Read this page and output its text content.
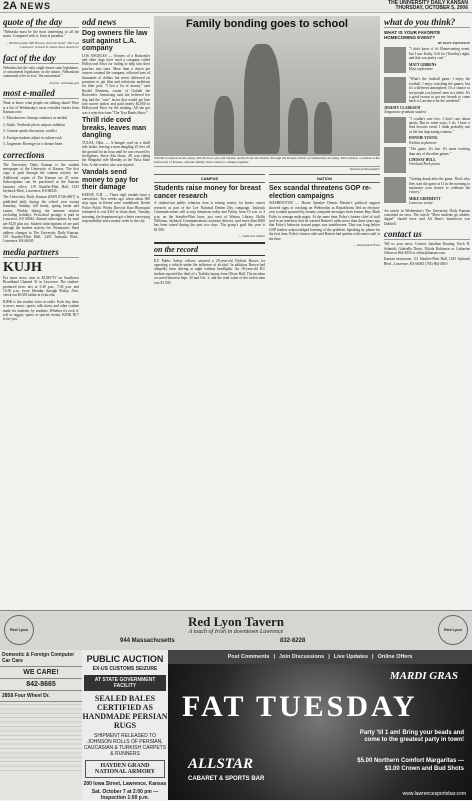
2A NEWS	THE UNIVERSITY DAILY KANSAN
THURSDAY, OCTOBER 5, 2006
quote of the day

"Nebraska must be the most interesting of all the states. Compared with it, Iowa is paradise."

— British author Bill Bryson, from his book "The Lost Continent: Travels in Small-Town America"

fact of the day

Nebraska has the only single-house state legislature, or unicameral legislature, in the nation. Nebraskans commonly refer to it as "the unicameral."

Source: nebraska.gov

most e-mailed

Want to know what people are talking about? Here is a list of Wednesday's most e-mailed stories from Kansan.com:

1. Microbrewer cleanup continues as needed

2. Study: Textbook prices outpace inflation

3. Cartoon sparks discussion, conflict

4. Foreign students adjust to culture rush

5. Jurgensen: Revenge for a cheater heart

corrections

The University Daily Kansan is the student newspaper of the University of Kansas. The first copy is paid through the student activity fee. Additional copies of The Kansan are 25 cents. Subscriptions can be purchased at the Kansan business office, 119 Stauffer-Flint Hall, 1435 Jayhawk Blvd., Lawrence, KS 66045.

The University Daily Kansan (ISSN 0746-4967) is published daily during the school year except Saturday, Sunday, fall break, spring break and exams. Weekly during the summer session excluding holidays. Periodical postage is paid in Lawrence, KS 66044. Annual subscriptions by mail are $120 plus tax. Student subscriptions of are paid through the student activity fee. Postmaster: Send address changes to The University Daily Kansan, 119 Stauffer-Flint Hall, 1435 Jayhawk Blvd., Lawrence, KS 66045.

media partners
KUJH

For more news, turn to KUJH-TV on Sunflower Broadband Channel 31 in Lawrence. The student-produced news airs at 5:30 p.m., 7:30 p.m. and 10:30 p.m. every Monday through Friday. Also, check out KUJH online at tv.ku.edu.

KJHK is the student voice in radio. Each day there is news, music, sports, talk shows and other content made for students, by students. Whether it's rock 'n' roll or reggae, sports or special events, KJHK 90.7 is for you.

odd news
Dog owners file law suit against L.A. company

LOS ANGELES — Owners of a Rottweiler and other dogs have sued a company called Hollywood Paws for failing to help turn their pooches into stars. More than a dozen pet owners contend the company collected tens of thousands of dollars but never delivered on promises to get film and television auditions for their pets. "I lost a lot of money," said Rachel Klemenz, owner of Goliath the Rottweiler. Armstrong said she believed her dog had the "cute" factor that would get him into movie strikes and paid nearly $2,000 to Hollywood Paws for the training. All she got was a rejection from "The Tyra Banks Show."

Thrill ride cord breaks, leaves man dangling

TULSA, Okla. — A bungee cord on a thrill ride broke, leaving a man dangling 25 feet off the ground for an hour until he was rescued by firefighters. Steve Ada Stone, 48, was riding the Slingshot ride Monday at the Tulsa State Fair. A ride worker also was injured.

Vandals send money to pay for their damage

KEENE, N.H. — These vigil vandals have a conscience. Two weeks ago, when about 500 stop signs in Keene were vandalized, Keene Police Public Works Director Kurt Blomquist estimated it cost $110 to clean them. Tuesday morning, the department got a letter conveying responsibility and a money order to the city.

Family bonding goes to school
Tim McCormack strolls along with his four year-old triplets, Ariah, Evan and Daniel, through the Kansas Union on Wednesday morning. McCormack, a student at the University of Kansas, said the family often comes to campus together.
Kansan photographer
CAMPUS
Students raise money for breast cancer research

A student-run public relations firm is raising money for breast cancer research as part of the Lee National Denim Day campaign. Jayhawk Communications will accept donations today and Friday from 10 a.m. to 3 p.m. on the Stauffer-Flint lawn, just west of Watson Library. Hollis Williams, Jayhawk Communications assistant director, said more than $300 has been raised during the past two days. The group's goal this year is $1,500.

— Catherine Odson

on the record

KU Public Safety officers arrested a 20-year-old Nichols Brown for operating a vehicle under the influence of alcohol. In addition, Brown had allegedly been driving at night without headlights. An 18-year-old KU student reported the theft of a Toshiba laptop from Oliver Hall. The incident occurred between Sept. 30 and Oct. 3, and the total value of the stolen item was $1,500.

NATION
Sex scandal threatens GOP re-election campaigns

WASHINGTON — House Speaker Dennis Hastert's political support showed signs of cracking on Wednesday as Republicans fled an election-year scandal spawned by steamy computer messages from former Rep. Mark Foley to teenage male pages. At the same time, Foley's former chief of staff said in an interview that he warned Hastert's aides more than three years ago that Foley's behavior toward pages was troublesome. That was long before GOP leaders acknowledged learning of the problem. Speaking by phone for the first time, Foley's former aide said Hastert had spoken with senior staff at the time.

— Associated Press

what do you think?
WHAT IS YOUR FAVORITE HOMECOMING EVENT?
BY MATT ERICKSON

"I don't know if it's Homecoming event, but I saw Kathy Cell for (Tuesday) night, and that was pretty cool."

MATT GIBBENS
Hays sophomore

"What's the football game. I enjoy the football. I enjoy watching the games, but it's a different atmosphere. It's a chance to see people you haven't seen in a while. It's a good excuse to get my friends to come back to Lawrence for the weekend."

JEREMY CLARKSON
Tonganoxie graduate student

"I couldn't care less. I don't care about sports. But in some ways, I do. I have a lead favorite event. I think probably one of the last dog-eating contests."

DONNIE YOUNG
Wichita sophomore

"The game. It's fun. It's more exciting than any of the other games."

LINDSAY HULL
Overland Park junior

"Getting drunk after the game. That's why they start the game at 11 in the morning to maximize your chance to celebrate the victory."

MIKE GRIMMETT
Lawrence senior

An article in Wednesday's The University Daily Kansan contained an error. The article "Most students go athletic digital" should have said Ali Rene's hometown was Dubbell.

contact us

Tell us your news. Contact Jonathan Keating, Erick R. Schmidt, Gabriella Davis, Nikola Robinson or Catherine Odson at 864-4810 or editor@kansan.com.

Kansan newsroom, 111 Stauffer-Flint Hall, 1435 Jayhawk Blvd., Lawrence, KS 66045 (785) 864-4810

Red Lyon	Red Lyon
Red Lyon Tavern
A touch of Irish in downtown Lawrence
944 Massachusetts	832-8228
Domestic & Foreign Computer Car Care
WE CARE!
842-8665
2858 Four Wheel Dr.
PUBLIC AUCTION
EX-US CUSTOMS SEIZURE
AT STATE GOVERNMENT FACILITY
SEALED BALES CERTIFIED AS HANDMADE PERSIAN RUGS
SHIPMENT RELEASED TO JOHNSON ROLLS OF PERSIAN, CAUCASIAN & TURKISH CARPETS & RUNNERS
HAYDEN GRAND NATIONAL ARMORY
200 Iowa Street, Lawrence, Kansas
Sat. October 7 at 2:00 pm — Inspection 1:00 p.m.
Post Comments | Join Discussions | Live Updates | Online Offers
MARDI GRAS
FAT TUESDAY
Party 'til 1 am! Bring your beads and come to the greatest party in town!
ALLSTAR
CABARET & SPORTS BAR
$5.00 Northern Comfort Margaritas — $3.00 Crown and Bud Shots
www.lawrencesportsbar.com
